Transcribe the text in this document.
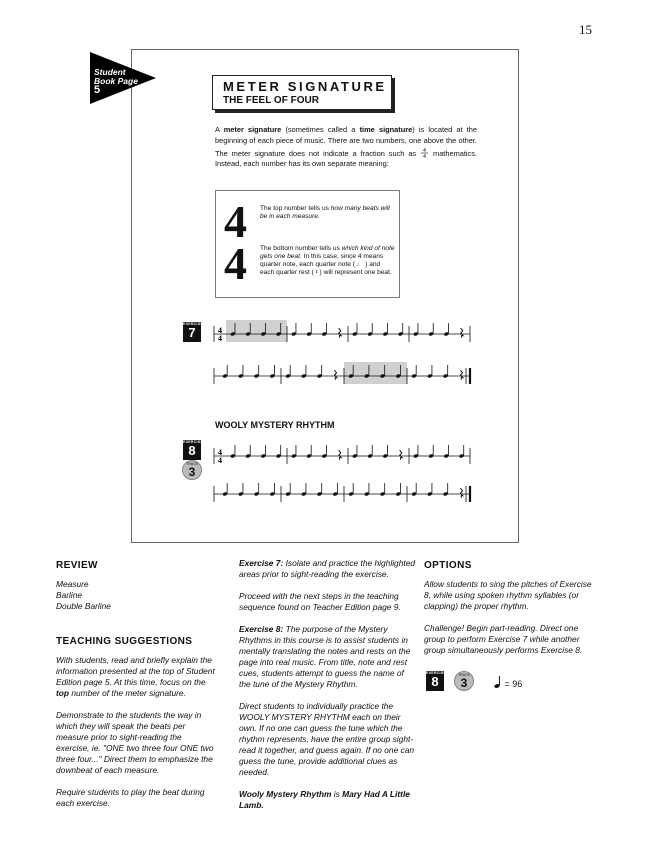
15
Student
Book Page
5	METER SIGNATURE
THE FEEL OF FOUR
A meter signature (sometimes called a time signature) is located at the beginning of each piece of music. There are two numbers, one above the other. The meter signature does not indicate a fraction such as 4
4 mathematics. Instead, each number has its own separate meaning:
4
4
The top number tells us how many beats will be in each measure.
The bottom number tells us which kind of note gets one beat. In this case, since 4 means quarter note, each quarter note ( ♩ ) and each quarter rest ( 𝄽 ) will represent one beat.
EXERCISE
7	4
4
WOOLY MYSTERY RHYTHM
EXERCISE
8
TRACK
3
4
4
REVIEW
Measure
Barline
Double Barline
TEACHING SUGGESTIONS

With students, read and briefly explain the information presented at the top of Student Edition page 5. At this time, focus on the top number of the meter signature.

Demonstrate to the students the way in which they will speak the beats per measure prior to sight-reading the exercise, ie. "ONE two three four ONE two three four..." Direct them to emphasize the downbeat of each measure.

Require students to play the beat during each exercise.

Exercise 7: Isolate and practice the highlighted areas prior to sight-reading the exercise.

Proceed with the next steps in the teaching sequence found on Teacher Edition page 9.

Exercise 8: The purpose of the Mystery Rhythms in this course is to assist students in mentally translating the notes and rests on the page into real music. From title, note and rest cues, students attempt to guess the name of the tune of the Mystery Rhythm.

Direct students to individually practice the WOOLY MYSTERY RHYTHM each on their own. If no one can guess the tune which the rhythm represents, have the entire group sight-read it together, and guess again. If no one can guess the tune, provide additional clues as needed.

Wooly Mystery Rhythm is Mary Had A Little Lamb.

OPTIONS

Allow students to sing the pitches of Exercise 8, while using spoken rhythm syllables (or clapping) the proper rhythm.

Challenge! Begin part-reading. Direct one group to perform Exercise 7 while another group simultaneously performs Exercise 8.

EXERCISE
8	TRACK
3	= 96
